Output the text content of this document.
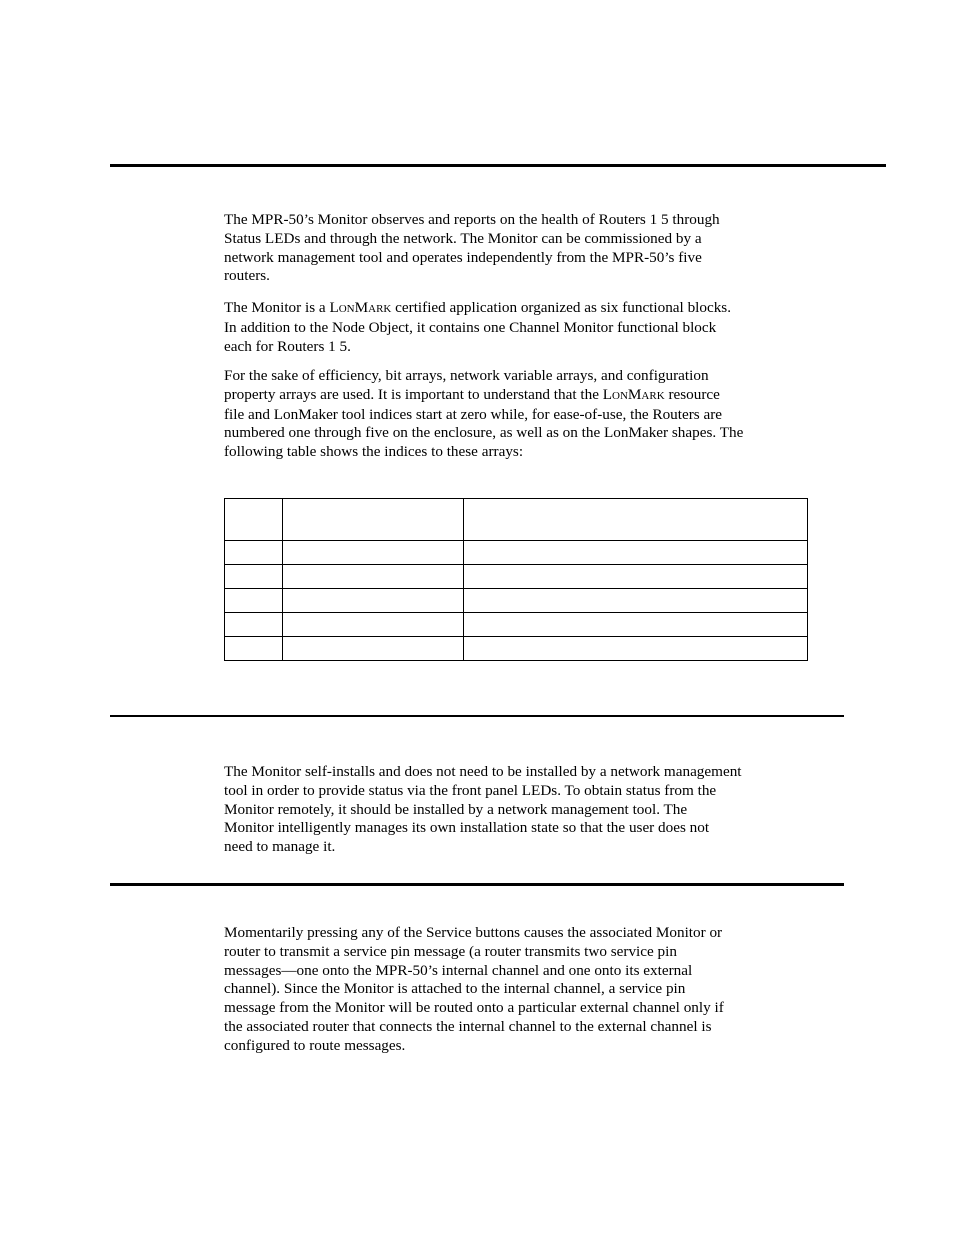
The MPR-50’s Monitor observes and reports on the health of Routers 1 5 through
Status LEDs and through the network. The Monitor can be commissioned by a
network management tool and operates independently from the MPR-50’s five
routers.

The Monitor is a LONMARK certified application organized as six functional blocks.
In addition to the Node Object, it contains one Channel Monitor functional block
each for Routers 1 5.

For the sake of efficiency, bit arrays, network variable arrays, and configuration
property arrays are used. It is important to understand that the LONMARK resource
file and LonMaker tool indices start at zero while, for ease-of-use, the Routers are
numbered one through five on the enclosure, as well as on the LonMaker shapes. The
following table shows the indices to these arrays:

The Monitor self-installs and does not need to be installed by a network management
tool in order to provide status via the front panel LEDs. To obtain status from the
Monitor remotely, it should be installed by a network management tool. The
Monitor intelligently manages its own installation state so that the user does not
need to manage it.

Momentarily pressing any of the Service buttons causes the associated Monitor or
router to transmit a service pin message (a router transmits two service pin
messages—one onto the MPR-50’s internal channel and one onto its external
channel). Since the Monitor is attached to the internal channel, a service pin
message from the Monitor will be routed onto a particular external channel only if
the associated router that connects the internal channel to the external channel is
configured to route messages.
